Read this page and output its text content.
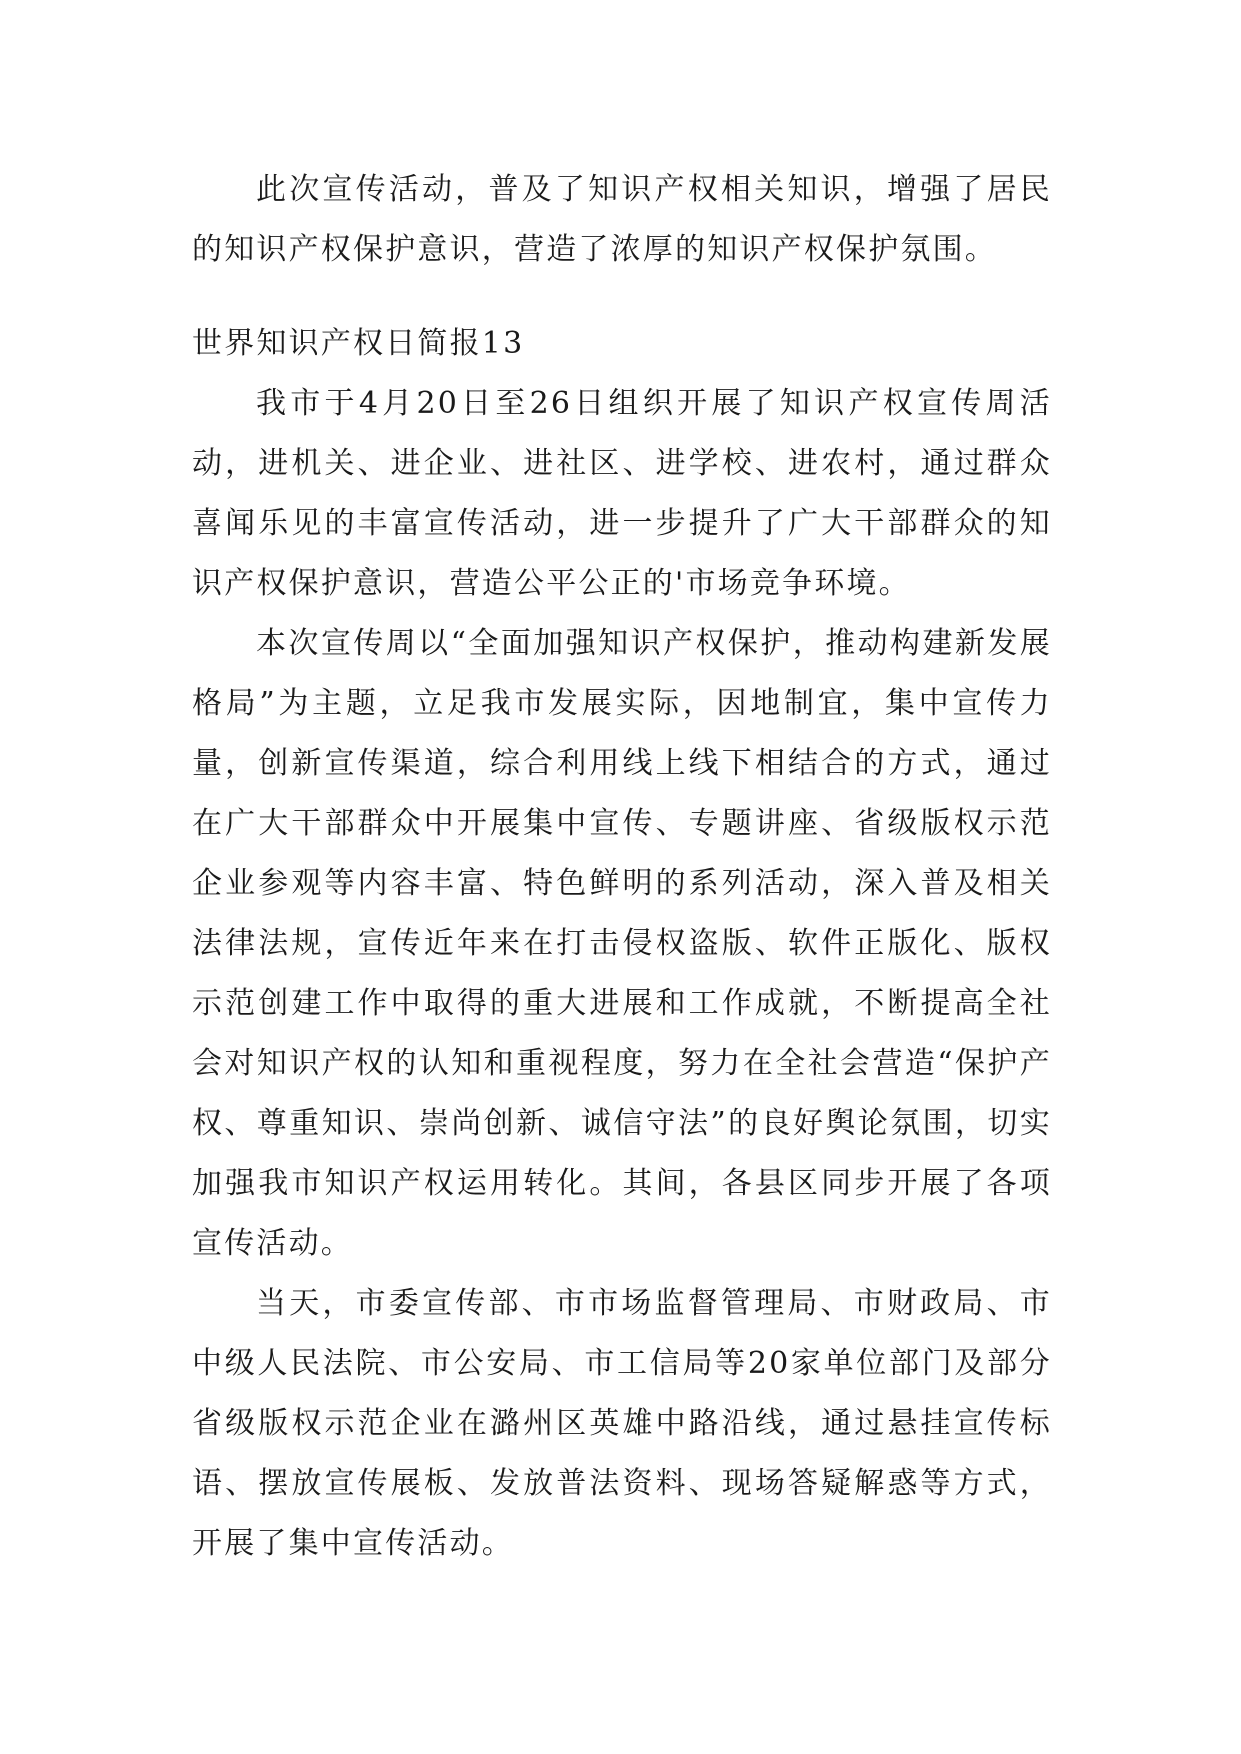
此次宣传活动，普及了知识产权相关知识，增强了居民的知识产权保护意识，营造了浓厚的知识产权保护氛围。

世界知识产权日简报13

我市于4月20日至26日组织开展了知识产权宣传周活动，进机关、进企业、进社区、进学校、进农村，通过群众喜闻乐见的丰富宣传活动，进一步提升了广大干部群众的知识产权保护意识，营造公平公正的'市场竞争环境。

本次宣传周以“全面加强知识产权保护，推动构建新发展格局”为主题，立足我市发展实际，因地制宜，集中宣传力量，创新宣传渠道，综合利用线上线下相结合的方式，通过在广大干部群众中开展集中宣传、专题讲座、省级版权示范企业参观等内容丰富、特色鲜明的系列活动，深入普及相关法律法规，宣传近年来在打击侵权盗版、软件正版化、版权示范创建工作中取得的重大进展和工作成就，不断提高全社会对知识产权的认知和重视程度，努力在全社会营造“保护产权、尊重知识、崇尚创新、诚信守法”的良好舆论氛围，切实加强我市知识产权运用转化。其间，各县区同步开展了各项宣传活动。

当天，市委宣传部、市市场监督管理局、市财政局、市中级人民法院、市公安局、市工信局等20家单位部门及部分省级版权示范企业在潞州区英雄中路沿线，通过悬挂宣传标语、摆放宣传展板、发放普法资料、现场答疑解惑等方式，开展了集中宣传活动。
